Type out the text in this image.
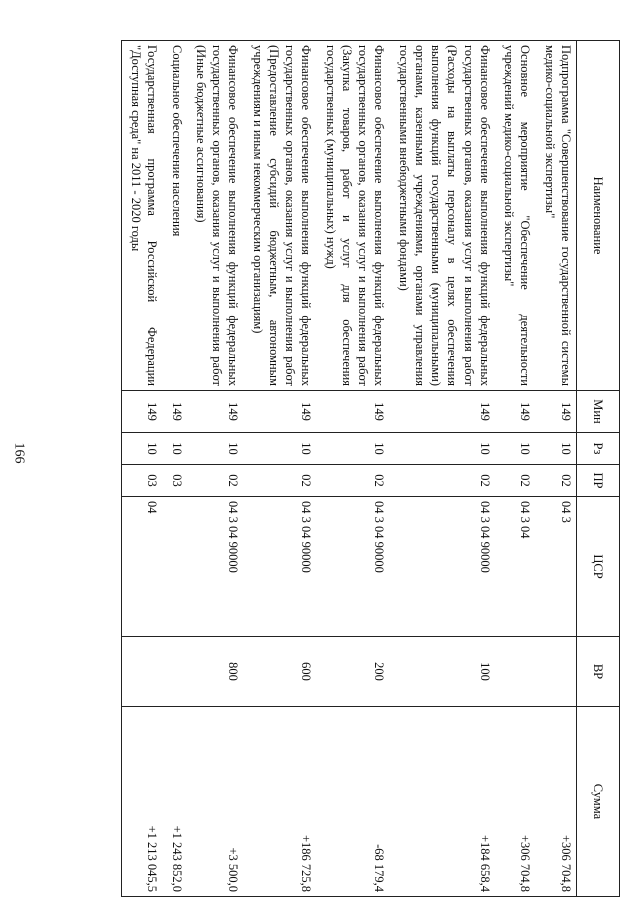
166
Наименование	Мин	Рз	ПР	ЦСР	ВР	Сумма
Подпрограмма "Совершенствование государственной системы медико-социальной экспертизы"	149	10	02	04 3		+306 704,8
Основное мероприятие "Обеспечение деятельности учреждений медико-социальной экспертизы"	149	10	02	04 3 04		+306 704,8
Финансовое обеспечение выполнения функций федеральных государственных органов, оказания услуг и выполнения работ (Расходы на выплаты персоналу в целях обеспечения выполнения функций государственными (муниципальными) органами, казенными учреждениями, органами управления государственными внебюджетными фондами)	149	10	02	04 3 04 90000	100	+184 658,4
Финансовое обеспечение выполнения функций федеральных государственных органов, оказания услуг и выполнения работ (Закупка товаров, работ и услуг для обеспечения государственных (муниципальных) нужд)	149	10	02	04 3 04 90000	200	-68 179,4
Финансовое обеспечение выполнения функций федеральных государственных органов, оказания услуг и выполнения работ (Предоставление субсидий бюджетным, автономным учреждениям и иным некоммерческим организациям)	149	10	02	04 3 04 90000	600	+186 725,8
Финансовое обеспечение выполнения функций федеральных государственных органов, оказания услуг и выполнения работ (Иные бюджетные ассигнования)	149	10	02	04 3 04 90000	800	+3 500,0
Социальное обеспечение населения	149	10	03			+1 243 852,0
Государственная программа Российской Федерации "Доступная среда" на 2011 - 2020 годы	149	10	03	04		+1 213 045,5
